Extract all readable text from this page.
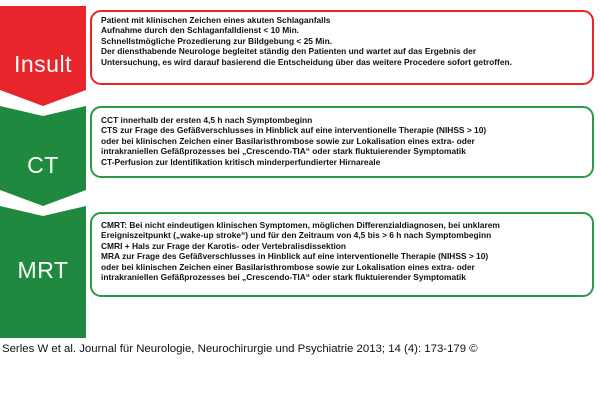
Insult
Patient mit klinischen Zeichen eines akuten Schlaganfalls
Aufnahme durch den Schlaganfalldienst < 10 Min.
Schnellstmögliche Prozedierung zur Bildgebung < 25 Min.
Der diensthabende Neurologe begleitet ständig den Patienten und wartet auf das Ergebnis der
Untersuchung, es wird darauf basierend die Entscheidung über das weitere Procedere sofort getroffen.
CT
CCT innerhalb der ersten 4,5 h nach Symptombeginn
CTS zur Frage des Gefäßverschlusses in Hinblick auf eine interventionelle Therapie (NIHSS > 10)
oder bei klinischen Zeichen einer Basilaristhrombose sowie zur Lokalisation eines extra- oder
intrakraniellen Gefäßprozesses bei „Crescendo-TIA“ oder stark fluktuierender Symptomatik
CT-Perfusion zur Identifikation kritisch minderperfundierter Hirnareale
MRT
CMRT: Bei nicht eindeutigen klinischen Symptomen, möglichen Differenzialdiagnosen, bei unklarem
Ereigniszeitpunkt („wake-up stroke“) und für den Zeitraum von 4,5 bis > 6 h nach Symptombeginn
CMRI + Hals zur Frage der Karotis- oder Vertebralisdissektion
MRA zur Frage des Gefäßverschlusses in Hinblick auf eine interventionelle Therapie (NIHSS > 10)
oder bei klinischen Zeichen einer Basilaristhrombose sowie zur Lokalisation eines extra- oder
intrakraniellen Gefäßprozesses bei „Crescendo-TIA“ oder stark fluktuierender Symptomatik
Serles W et al. Journal für Neurologie, Neurochirurgie und Psychiatrie 2013; 14 (4): 173-179 ©
